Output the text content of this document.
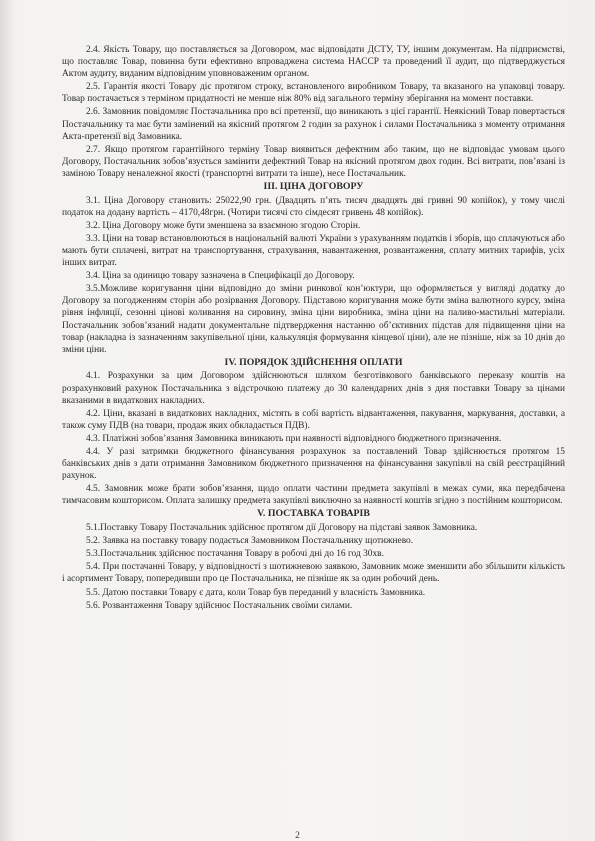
2.4. Якість Товару, що поставляється за Договором, має відповідати ДСТУ, ТУ, іншим документам. На підприємстві, що поставляє Товар, повинна бути ефективно впроваджена система НАССР та проведений її аудит, що підтверджується Актом аудиту, виданим відповідним уповноваженим органом.

2.5. Гарантія якості Товару діє протягом строку, встановленого виробником Товару, та вказаного на упаковці товару. Товар постачається з терміном придатності не менше ніж 80% від загального терміну зберігання на момент поставки.

2.6. Замовник повідомляє Постачальника про всі претензії, що виникають з цієї гарантії. Неякісний Товар повертається Постачальнику та має бути замінений на якісний протягом 2 годин за рахунок і силами Постачальника з моменту отримання Акта-претензії від Замовника.

2.7. Якщо протягом гарантійного терміну Товар виявиться дефектним або таким, що не відповідає умовам цього Договору, Постачальник зобов’язується замінити дефектний Товар на якісний протягом двох годин. Всі витрати, пов’язані із заміною Товару неналежної якості (транспортні витрати та інше), несе Постачальник.

ІІІ. ЦІНА ДОГОВОРУ

3.1. Ціна Договору становить: 25022,90 грн. (Двадцять п’ять тисяч двадцять дві гривні 90 копійок), у тому числі податок на додану вартість – 4170,48грн. (Чотири тисячі сто сімдесят гривень 48 копійок).

3.2. Ціна Договору може бути зменшена за взаємною згодою Сторін.

3.3. Ціни на товар встановлюються в національній валюті України з урахуванням податків і зборів, що сплачуються або мають бути сплачені, витрат на транспортування, страхування, навантаження, розвантаження, сплату митних тарифів, усіх інших витрат.

3.4. Ціна за одиницю товару зазначена в Специфікації до Договору.

3.5.Можливе коригування ціни відповідно до зміни ринкової кон’юктури, що оформляється у вигляді додатку до Договору за погодженням сторін або розірвання Договору. Підставою коригування може бути зміна валютного курсу, зміна рівня інфляції, сезонні цінові коливання на сировину, зміна ціни виробника, зміна ціни на паливо-мастильні матеріали. Постачальник зобов’язаний надати документальне підтвердження настанню об’єктивних підстав для підвищення ціни на товар (накладна із зазначенням закупівельної ціни, калькуляція формування кінцевої ціни), але не пізніше, ніж за 10 днів до зміни ціни.

IV. ПОРЯДОК ЗДІЙСНЕННЯ ОПЛАТИ

4.1. Розрахунки за цим Договором здійснюються шляхом безготівкового банківського переказу коштів на розрахунковий рахунок Постачальника з відстрочкою платежу до 30 календарних днів з дня поставки Товару за цінами вказаними в видаткових накладних.

4.2. Ціни, вказані в видаткових накладних, містять в собі вартість відвантаження, пакування, маркування, доставки, а також суму ПДВ (на товари, продаж яких обкладається ПДВ).

4.3. Платіжні зобов’язання Замовника виникають при наявності відповідного бюджетного призначення.

4.4. У разі затримки бюджетного фінансування розрахунок за поставлений Товар здійснюється протягом 15 банківських днів з дати отримання Замовником бюджетного призначення на фінансування закупівлі на свій реєстраційний рахунок.

4.5. Замовник може брати зобов’язання, щодо оплати частини предмета закупівлі в межах суми, яка передбачена тимчасовим кошторисом. Оплата залишку предмета закупівлі виключно за наявності коштів згідно з постійним кошторисом.

V. ПОСТАВКА ТОВАРІВ

5.1.Поставку Товару Постачальник здійснює протягом дії Договору на підставі заявок Замовника.

5.2. Заявка на поставку товару подається Замовником Постачальнику щотижнево.

5.3.Постачальник здійснює постачання Товару в робочі дні до 16 год 30хв.

5.4. При постачанні Товару, у відповідності з шотижневою заявкою, Замовник може зменшити або збільшити кількість і асортимент Товару, попередивши про це Постачальника, не пізніше як за один робочий день.

5.5. Датою поставки Товару є дата, коли Товар був переданий у власність Замовника.

5.6. Розвантаження Товару здійснює Постачальник своїми силами.

2
